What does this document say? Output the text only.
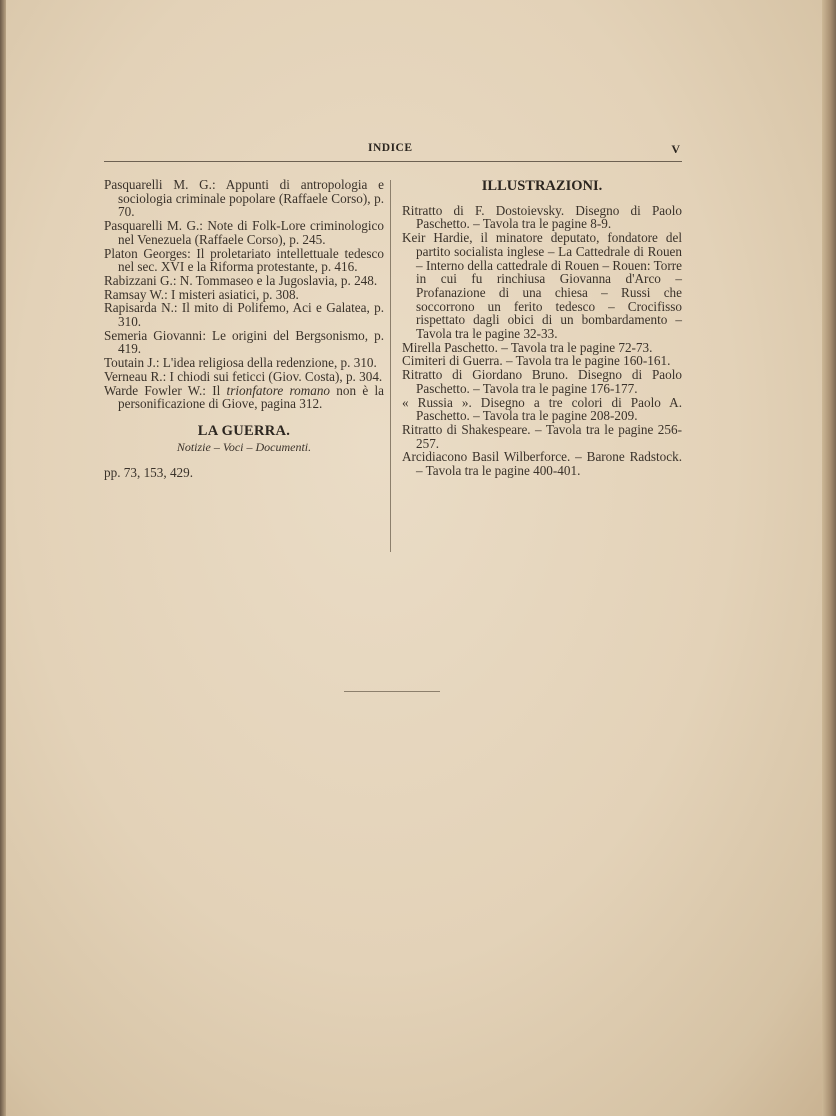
INDICE	V

Pasquarelli M. G.: Appunti di antropologia e sociologia criminale popolare (Raffaele Corso), p. 70.

Pasquarelli M. G.: Note di Folk-Lore criminologico nel Venezuela (Raffaele Corso), p. 245.

Platon Georges: Il proletariato intellettuale tedesco nel sec. XVI e la Riforma protestante, p. 416.

Rabizzani G.: N. Tommaseo e la Jugoslavia, p. 248.

Ramsay W.: I misteri asiatici, p. 308.

Rapisarda N.: Il mito di Polifemo, Aci e Galatea, p. 310.

Semeria Giovanni: Le origini del Bergsonismo, p. 419.

Toutain J.: L'idea religiosa della redenzione, p. 310.

Verneau R.: I chiodi sui feticci (Giov. Costa), p. 304.

Warde Fowler W.: Il trionfatore romano non è la personificazione di Giove, pagina 312.

LA GUERRA.

Notizie – Voci – Documenti.

pp. 73, 153, 429.

ILLUSTRAZIONI.

Ritratto di F. Dostoievsky. Disegno di Paolo Paschetto. – Tavola tra le pagine 8-9.

Keir Hardie, il minatore deputato, fondatore del partito socialista inglese – La Cattedrale di Rouen – Interno della cattedrale di Rouen – Rouen: Torre in cui fu rinchiusa Giovanna d'Arco – Profanazione di una chiesa – Russi che soccorrono un ferito tedesco – Crocifisso rispettato dagli obici di un bombardamento – Tavola tra le pagine 32-33.

Mirella Paschetto. – Tavola tra le pagine 72-73.

Cimiteri di Guerra. – Tavola tra le pagine 160-161.

Ritratto di Giordano Bruno. Disegno di Paolo Paschetto. – Tavola tra le pagine 176-177.

« Russia ». Disegno a tre colori di Paolo A. Paschetto. – Tavola tra le pagine 208-209.

Ritratto di Shakespeare. – Tavola tra le pagine 256-257.

Arcidiacono Basil Wilberforce. – Barone Radstock. – Tavola tra le pagine 400-401.
